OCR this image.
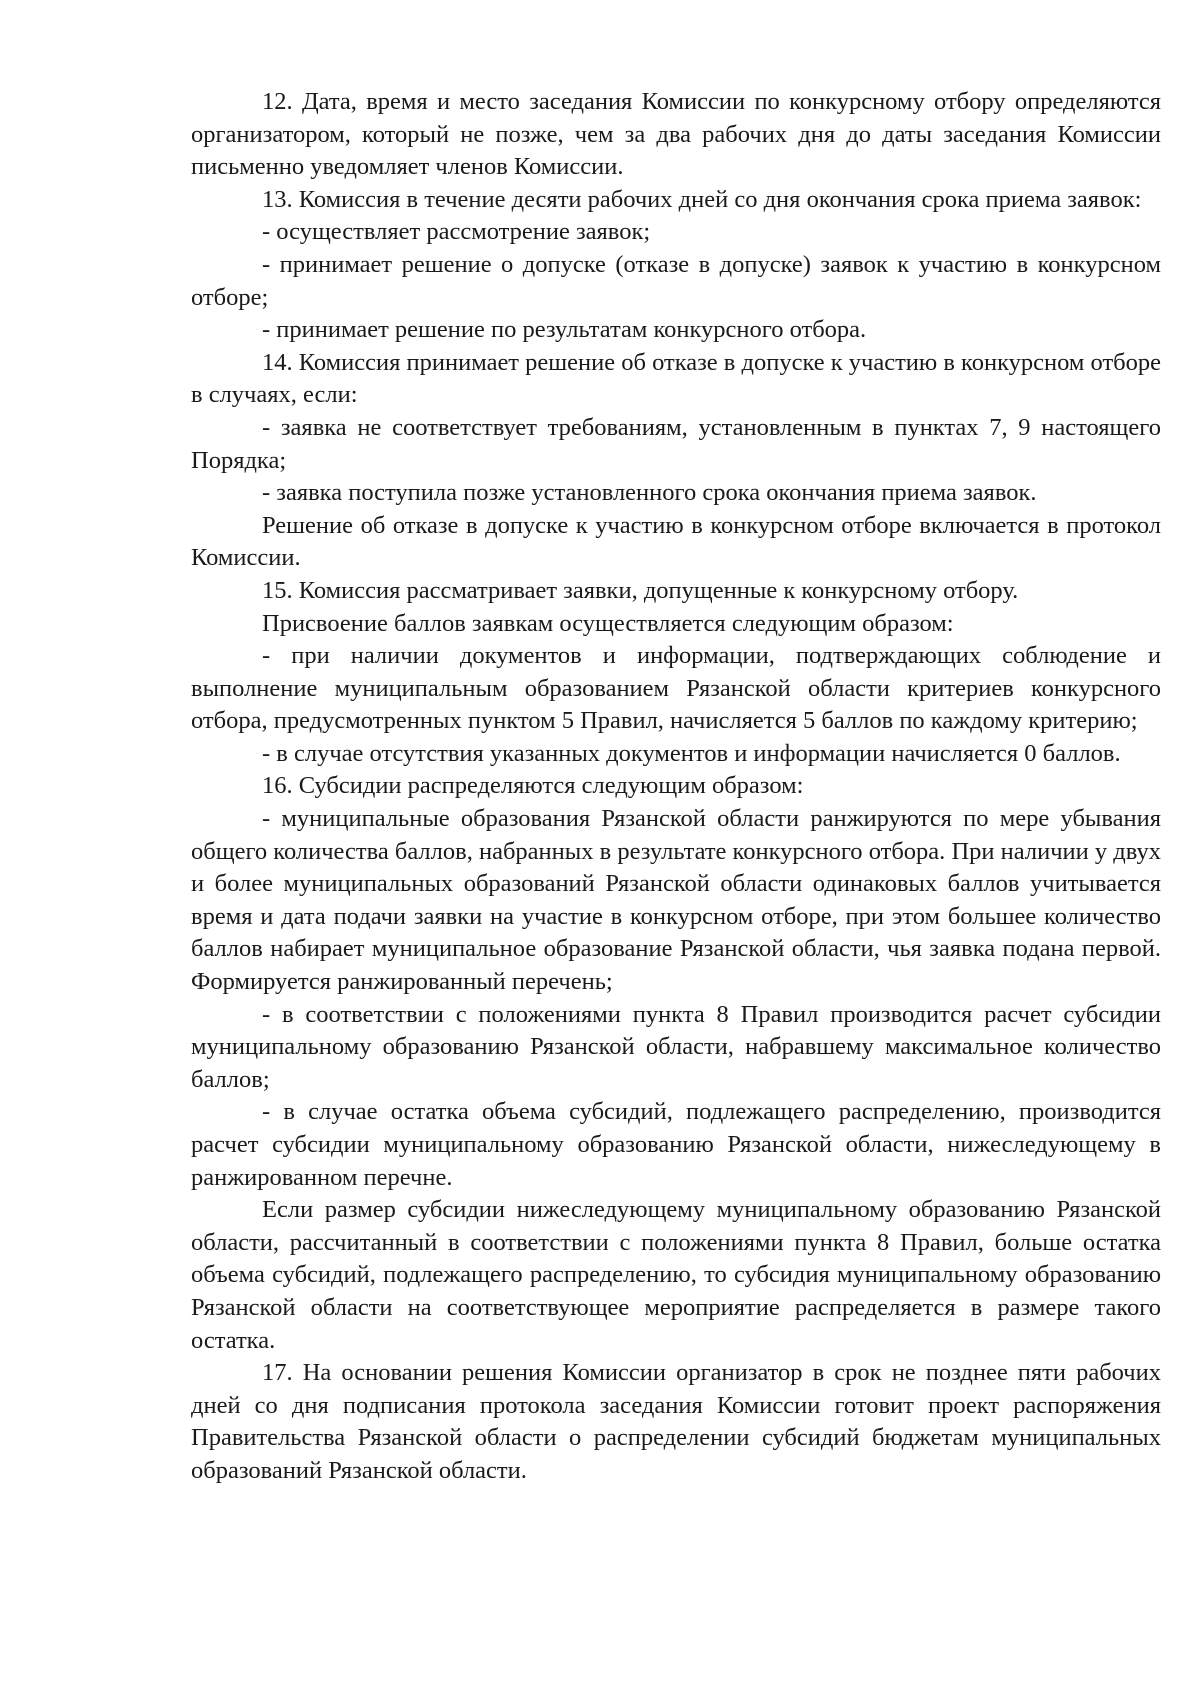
12. Дата, время и место заседания Комиссии по конкурсному отбору определяются организатором, который не позже, чем за два рабочих дня до даты заседания Комиссии письменно уведомляет членов Комиссии.

13. Комиссия в течение десяти рабочих дней со дня окончания срока приема заявок:

- осуществляет рассмотрение заявок;

- принимает решение о допуске (отказе в допуске) заявок к участию в конкурсном отборе;

- принимает решение по результатам конкурсного отбора.

14. Комиссия принимает решение об отказе в допуске к участию в конкурсном отборе в случаях, если:

- заявка не соответствует требованиям, установленным в пунктах 7, 9 настоящего Порядка;

- заявка поступила позже установленного срока окончания приема заявок.

Решение об отказе в допуске к участию в конкурсном отборе включается в протокол Комиссии.

15. Комиссия рассматривает заявки, допущенные к конкурсному отбору.

Присвоение баллов заявкам осуществляется следующим образом:

- при наличии документов и информации, подтверждающих соблюдение и выполнение муниципальным образованием Рязанской области критериев конкурсного отбора, предусмотренных пунктом 5 Правил, начисляется 5 баллов по каждому критерию;

- в случае отсутствия указанных документов и информации начисляется 0 баллов.

16. Субсидии распределяются следующим образом:

- муниципальные образования Рязанской области ранжируются по мере убывания общего количества баллов, набранных в результате конкурсного отбора. При наличии у двух и более муниципальных образований Рязанской области одинаковых баллов учитывается время и дата подачи заявки на участие в конкурсном отборе, при этом большее количество баллов набирает муниципальное образование Рязанской области, чья заявка подана первой. Формируется ранжированный перечень;

- в соответствии с положениями пункта 8 Правил производится расчет субсидии муниципальному образованию Рязанской области, набравшему максимальное количество баллов;

- в случае остатка объема субсидий, подлежащего распределению, производится расчет субсидии муниципальному образованию Рязанской области, нижеследующему в ранжированном перечне.

Если размер субсидии нижеследующему муниципальному образованию Рязанской области, рассчитанный в соответствии с положениями пункта 8 Правил, больше остатка объема субсидий, подлежащего распределению, то субсидия муниципальному образованию Рязанской области на соответствующее мероприятие распределяется в размере такого остатка.

17. На основании решения Комиссии организатор в срок не позднее пяти рабочих дней со дня подписания протокола заседания Комиссии готовит проект распоряжения Правительства Рязанской области о распределении субсидий бюджетам муниципальных образований Рязанской области.
